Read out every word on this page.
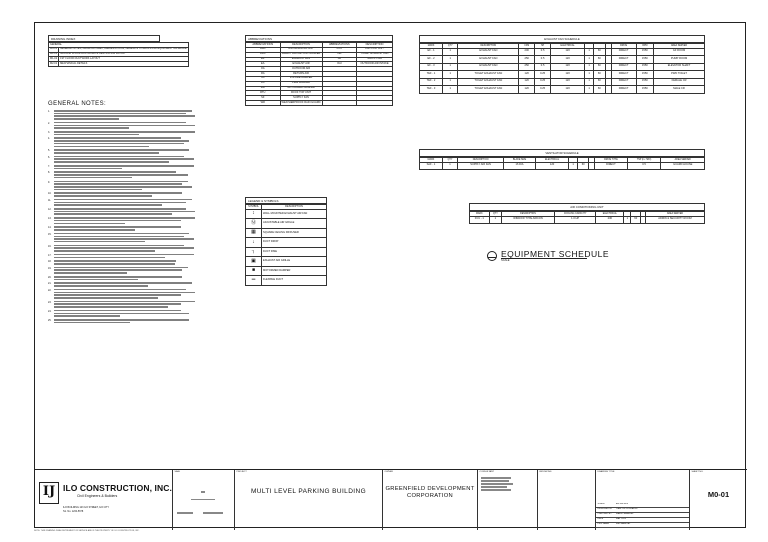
DRAWING INDEX
GENERAL	
M0-01	GENERAL NOTES, DRAWING INDEX, ABBREVIATIONS, LEGEND & SYMBOLS AND EQUIPMENT SCHEDULE
M1-01	GROUND FLOOR DUCTWORK & VENTILATION LAYOUT
M1-02	1ST FLOOR DUCTWORK LAYOUT
M2-01	MECHANICAL DETAILS
GENERAL NOTES:
1.
2.
3.
4.
5.
6.
7.
8.
9.
10.
11.
12.
13.
14.
15.
16.
17.
18.
19.
20.
21.
22.
23.
24.
25.
ABBREVIATIONS
ABBREVIATIONS	DESCRIPTION	ABBREVIATIONS	DESCRIPTION
AHU	AIR HANDLING UNIT	FCU	FAN COIL UNIT
DDC	DIRECT DIGITAL CONTROLLER	TEF	TOILET EXHAUST FAN
EF	EXHAUST FAN	SA	SUPPLY AIR
EA	EXHAUST AIR	OAI	OUTDOOR AIR INTAKE
OA	OUTDOOR AIR		
RA	RETURN AIR		
VD	VOLUME DAMPER		
FD	FIRE DAMPER		
MD	MOTORIZED DAMPER		
RTU	ROOF TOP UNIT		
SF	SUPPLY FAN		
WR	WEATHERPROOF RAIN GUARD		
LEGEND & SYMBOLS
SYMBOL	DESCRIPTION
↕	WALL MOUNTED EXHAUST AIR FAN
Ⓜ	ADJUSTABLE AIR GRILLE
▦	SQUARE CEILING DIFFUSER
↓	DUCT DROP
┐	DUCT RISE
▣	EXHAUST AIR GRILLE
■	MOTORIZED DAMPER
═	FLEXIBLE DUCT
EXHAUST FAN SCHEDULE
MARK	QTY	DESCRIPTION	CFM	SP	ELECTRICAL				DRIVE	RPM	AREA SERVED
EF - 1	1	EXHAUST FAN	200	0.5	120	1	60		DIRECT	1550	GF ROOM
EF - 2	1	EXHAUST FAN	250	0.5	120	1	60		DIRECT	1550	PUMP ROOM
EF - 3	1	EXHAUST FAN	250	0.5	120	1	60		DIRECT	1550	ELEVATOR SHAFT
TEF - 1	1	TOILET EXHAUST FAN	120	0.25	120	1	60		DIRECT	1550	PWD TOILET
TEF - 2	1	TOILET EXHAUST FAN	120	0.25	120	1	60		DIRECT	1550	FEMALE CR
TEF - 3	1	TOILET EXHAUST FAN	120	0.25	120	1	60		DIRECT	1550	MALE CR
VENTILATOR SCHEDULE
MARK	QTY	DESCRIPTION	BLADE SIZE	ELECTRICAL				DRIVE TYPE	TSP (in. H2O)	AREA SERVED
SAF - 1	1	SUPPLY AIR FAN	16 DIA	120	1	60		DIRECT	0.5	GUARD HOUSE
AIR CONDITIONING UNIT
MARK	QTY	DESCRIPTION	COOLING CAPACITY	ELECTRICAL				AREA SERVED
FCU - 1	1	WINDOW TYPE AIRCON	1.0 HP	230	1	60		ADMIN & SECURITY ROOM
EQUIPMENT SCHEDULE
SCALE
IJ ILO CONSTRUCTION, INC.
Civil Engineers & Builders
ILO BUILDING 123 ILO STREET, ILO CITY
Tel. No. 1234-5678
SEAL	PROJECT
MULTI LEVEL PARKING BUILDING
OWNER
GREENFIELD DEVELOPMENT CORPORATION
CONSULTANT	REVISIONS	DRAWING TITLE
SCALE	AS SHOWN
DESIGNED BY CARLOS GONZALES
CHECKED BY MARIO RAMIREZ
DATE	MAY 2023
FILE NAME	MECHANICAL
SHEET NO.
M0-01
NOTE: THIS DRAWING IS AN INSTRUMENT OF SERVICE AND IS THE PROPERTY OF ILO CONSTRUCTION, INC.
